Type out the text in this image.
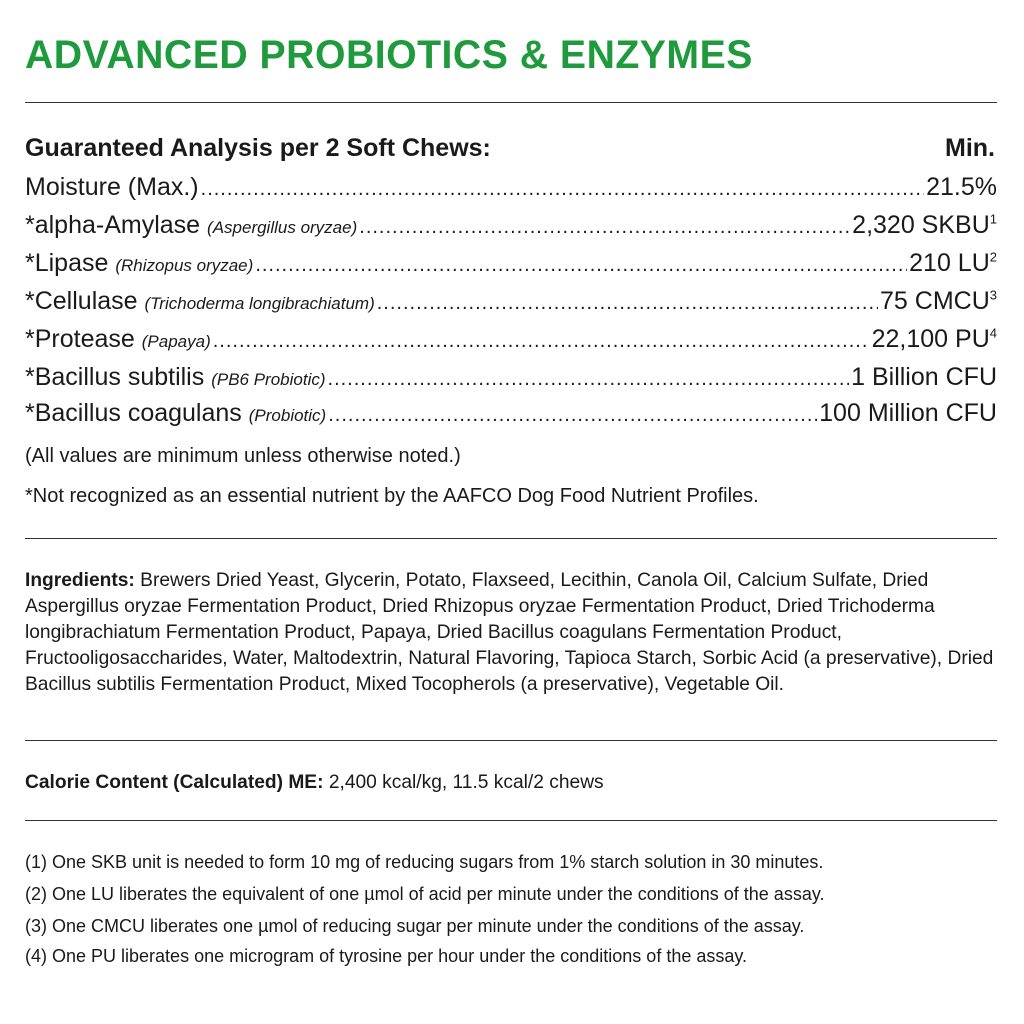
ADVANCED PROBIOTICS & ENZYMES
Guaranteed Analysis per 2 Soft Chews:	Min.
Moisture (Max.) .....	21.5%
*alpha-Amylase (Aspergillus oryzae) .....	2,320 SKBU$^1$
*Lipase (Rhizopus oryzae) .....	210 $LU^2$
*Cellulase (Trichoderma longibrachiatum) .....	75 CMCU$^3$
*Protease (Papaya) .....	22,100 $PU^4$
*Bacillus subtilis (PB6 Probiotic) .....	1 Billion CFU
*Bacillus coagulans (Probiotic) .....	100 Million CFU
(All values are minimum unless otherwise noted.)
*Not recognized as an essential nutrient by the AAFCO Dog Food Nutrient Profiles.
Ingredients: Brewers Dried Yeast, Glycerin, Potato, Flaxseed, Lecithin, Canola Oil, Calcium Sulfate, Dried Aspergillus oryzae Fermentation Product, Dried Rhizopus oryzae Fermentation Product, Dried Trichoderma longibrachiatum Fermentation Product, Papaya, Dried Bacillus coagulans Fermentation Product, Fructooligosaccharides, Water, Maltodextrin, Natural Flavoring, Tapioca Starch, Sorbic Acid (a preservative), Dried Bacillus subtilis Fermentation Product, Mixed Tocopherols (a preservative), Vegetable Oil.
Calorie Content (Calculated) ME: 2,400 kcal/kg, 11.5 kcal/2 chews
(1) One SKB unit is needed to form 10 mg of reducing sugars from 1% starch solution in 30 minutes.
(2) One LU liberates the equivalent of one µmol of acid per minute under the conditions of the assay.
(3) One CMCU liberates one µmol of reducing sugar per minute under the conditions of the assay.
(4) One PU liberates one microgram of tyrosine per hour under the conditions of the assay.
